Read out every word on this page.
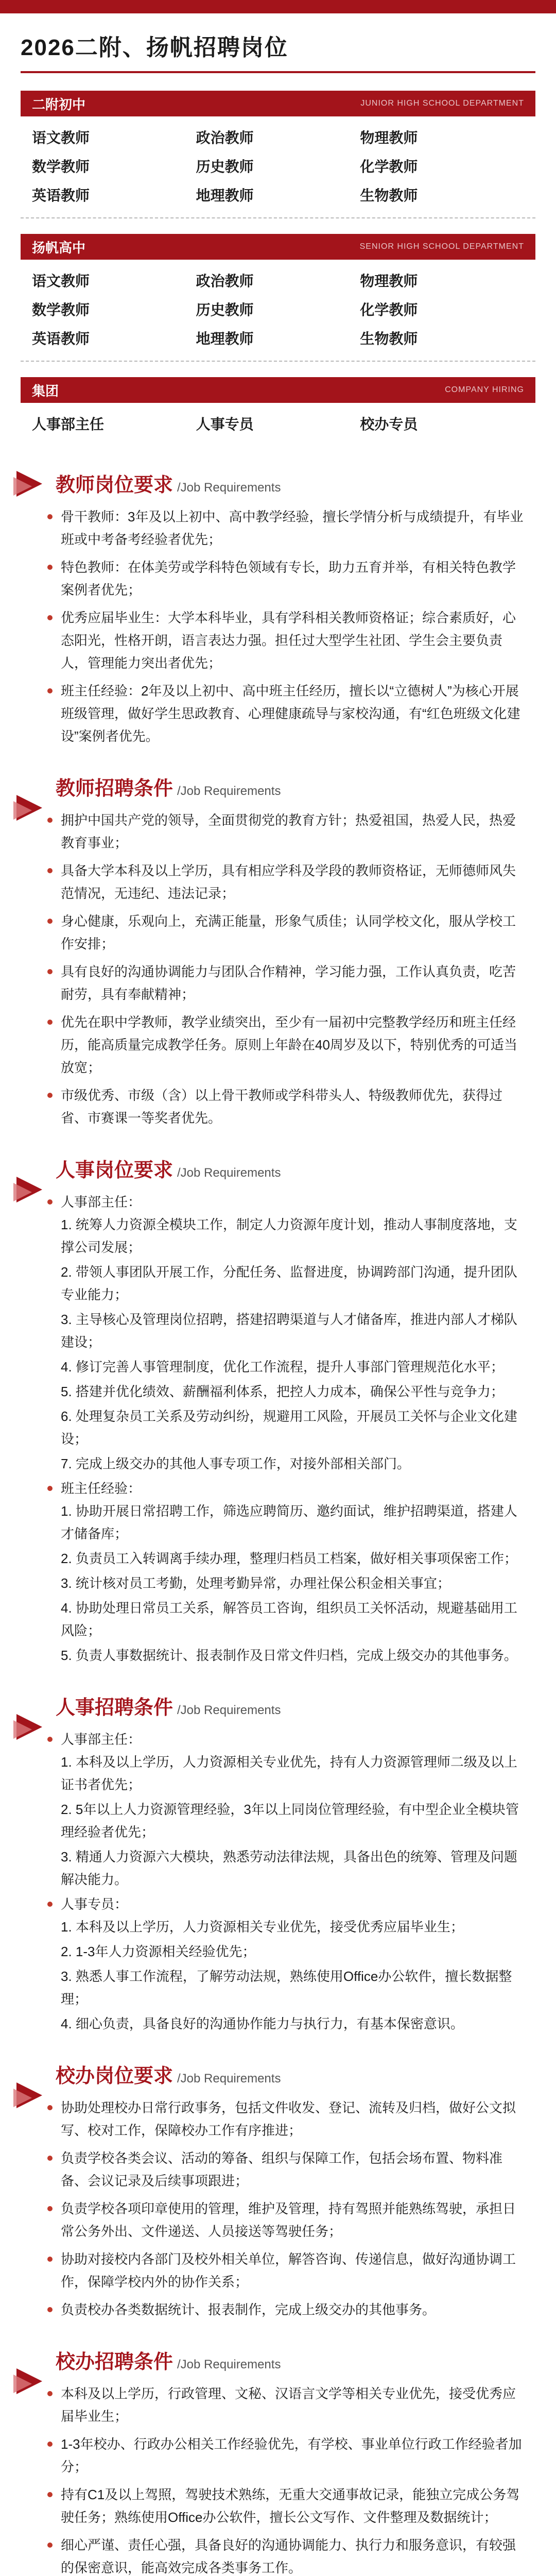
2026二附、扬帆招聘岗位
二附初中	JUNIOR HIGH SCHOOL DEPARTMENT
语文教师	政治教师	物理教师
数学教师	历史教师	化学教师
英语教师	地理教师	生物教师
扬帆高中	SENIOR HIGH SCHOOL DEPARTMENT
语文教师	政治教师	物理教师
数学教师	历史教师	化学教师
英语教师	地理教师	生物教师
集团	COMPANY HIRING
人事部主任	人事专员	校办专员
教师岗位要求 /Job Requirements
骨干教师：3年及以上初中、高中教学经验，擅长学情分析与成绩提升，有毕业班或中考备考经验者优先；
特色教师：在体美劳或学科特色领域有专长，助力五育并举，有相关特色教学案例者优先；
优秀应届毕业生：大学本科毕业，具有学科相关教师资格证；综合素质好，心态阳光，性格开朗，语言表达力强。担任过大型学生社团、学生会主要负责人，管理能力突出者优先；
班主任经验：2年及以上初中、高中班主任经历，擅长以“立德树人”为核心开展班级管理，做好学生思政教育、心理健康疏导与家校沟通，有“红色班级文化建设”案例者优先。
教师招聘条件 /Job Requirements
拥护中国共产党的领导，全面贯彻党的教育方针；热爱祖国，热爱人民，热爱教育事业；
具备大学本科及以上学历，具有相应学科及学段的教师资格证，无师德师风失范情况，无违纪、违法记录；
身心健康，乐观向上，充满正能量，形象气质佳；认同学校文化，服从学校工作安排；
具有良好的沟通协调能力与团队合作精神，学习能力强，工作认真负责，吃苦耐劳，具有奉献精神；
优先在职中学教师，教学业绩突出，至少有一届初中完整教学经历和班主任经历，能高质量完成教学任务。原则上年龄在40周岁及以下，特别优秀的可适当放宽；
市级优秀、市级（含）以上骨干教师或学科带头人、特级教师优先，获得过省、市赛课一等奖者优先。
人事岗位要求 /Job Requirements
人事部主任：
1. 统筹人力资源全模块工作，制定人力资源年度计划，推动人事制度落地，支撑公司发展；
2. 带领人事团队开展工作，分配任务、监督进度，协调跨部门沟通，提升团队专业能力；
3. 主导核心及管理岗位招聘，搭建招聘渠道与人才储备库，推进内部人才梯队建设；
4. 修订完善人事管理制度，优化工作流程，提升人事部门管理规范化水平；
5. 搭建并优化绩效、薪酬福利体系，把控人力成本，确保公平性与竞争力；
6. 处理复杂员工关系及劳动纠纷，规避用工风险，开展员工关怀与企业文化建设；
7. 完成上级交办的其他人事专项工作，对接外部相关部门。
班主任经验：
1. 协助开展日常招聘工作，筛选应聘简历、邀约面试，维护招聘渠道，搭建人才储备库；
2. 负责员工入转调离手续办理，整理归档员工档案，做好相关事项保密工作；
3. 统计核对员工考勤，处理考勤异常，办理社保公积金相关事宜；
4. 协助处理日常员工关系，解答员工咨询，组织员工关怀活动，规避基础用工风险；
5. 负责人事数据统计、报表制作及日常文件归档，完成上级交办的其他事务。
人事招聘条件 /Job Requirements
人事部主任：
1. 本科及以上学历，人力资源相关专业优先，持有人力资源管理师二级及以上证书者优先；
2. 5年以上人力资源管理经验，3年以上同岗位管理经验，有中型企业全模块管理经验者优先；
3. 精通人力资源六大模块，熟悉劳动法律法规，具备出色的统筹、管理及问题解决能力。
人事专员：
1. 本科及以上学历，人力资源相关专业优先，接受优秀应届毕业生；
2. 1-3年人力资源相关经验优先；
3. 熟悉人事工作流程，了解劳动法规，熟练使用Office办公软件，擅长数据整理；
4. 细心负责，具备良好的沟通协作能力与执行力，有基本保密意识。
校办岗位要求 /Job Requirements
协助处理校办日常行政事务，包括文件收发、登记、流转及归档，做好公文拟写、校对工作，保障校办工作有序推进；
负责学校各类会议、活动的筹备、组织与保障工作，包括会场布置、物料准备、会议记录及后续事项跟进；
负责学校各项印章使用的管理，维护及管理，持有驾照并能熟练驾驶，承担日常公务外出、文件递送、人员接送等驾驶任务；
协助对接校内各部门及校外相关单位，解答咨询、传递信息，做好沟通协调工作，保障学校内外的协作关系；
负责校办各类数据统计、报表制作，完成上级交办的其他事务。
校办招聘条件 /Job Requirements
本科及以上学历，行政管理、文秘、汉语言文学等相关专业优先，接受优秀应届毕业生；
1-3年校办、行政办公相关工作经验优先，有学校、事业单位行政工作经验者加分；
持有C1及以上驾照，驾驶技术熟练，无重大交通事故记录，能独立完成公务驾驶任务；熟练使用Office办公软件，擅长公文写作、文件整理及数据统计；
细心严谨、责任心强，具备良好的沟通协调能力、执行力和服务意识，有较强的保密意识，能高效完成各类事务工作。
